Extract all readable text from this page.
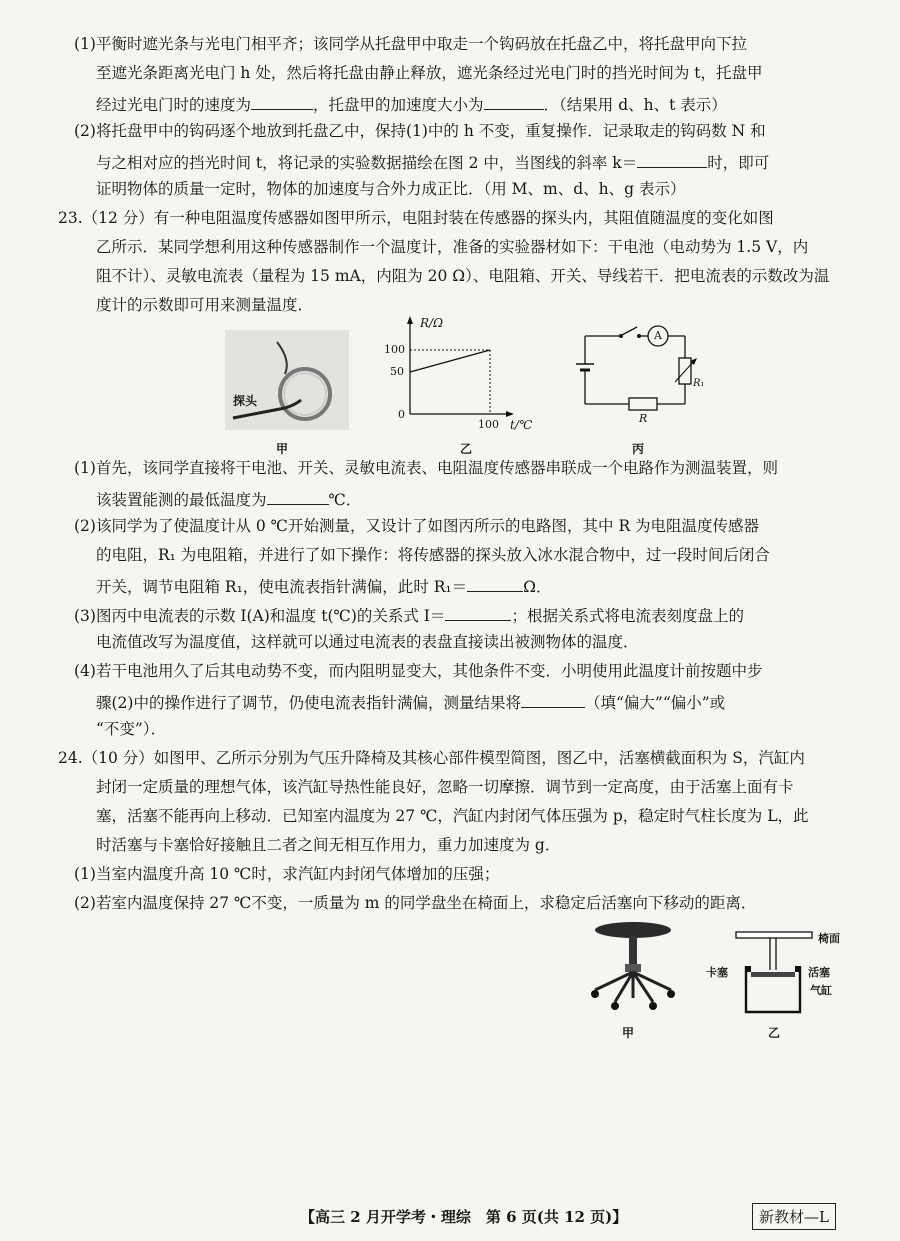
(1)平衡时遮光条与光电门相平齐；该同学从托盘甲中取走一个钩码放在托盘乙中，将托盘甲向下拉
至遮光条距离光电门 h 处，然后将托盘由静止释放，遮光条经过光电门时的挡光时间为 t，托盘甲
经过光电门时的速度为	，托盘甲的加速度大小为	．（结果用 d、h、t 表示）
(2)将托盘甲中的钩码逐个地放到托盘乙中，保持(1)中的 h 不变，重复操作．记录取走的钩码数 N 和
与之相对应的挡光时间 t，将记录的实验数据描绘在图 2 中，当图线的斜率 k＝	时，即可
证明物体的质量一定时，物体的加速度与合外力成正比．（用 M、m、d、h、g 表示）
23.（12 分）有一种电阻温度传感器如图甲所示，电阻封装在传感器的探头内，其阻值随温度的变化如图
乙所示．某同学想利用这种传感器制作一个温度计，准备的实验器材如下：干电池（电动势为 1.5 V，内
阻不计）、灵敏电流表（量程为 15 mA，内阻为 20 Ω）、电阻箱、开关、导线若干．把电流表的示数改为温
度计的示数即可用来测量温度．
探头
甲
R/Ω
100
50
0
100 t/℃
乙
A
R₁
R
丙
(1)首先，该同学直接将干电池、开关、灵敏电流表、电阻温度传感器串联成一个电路作为测温装置，则
该装置能测的最低温度为	℃．
(2)该同学为了使温度计从 0 ℃开始测量，又设计了如图丙所示的电路图，其中 R 为电阻温度传感器
的电阻，R₁ 为电阻箱，并进行了如下操作：将传感器的探头放入冰水混合物中，过一段时间后闭合
开关，调节电阻箱 R₁，使电流表指针满偏，此时 R₁＝	Ω．
(3)图丙中电流表的示数 I(A)和温度 t(℃)的关系式 I＝	；根据关系式将电流表刻度盘上的
电流值改写为温度值，这样就可以通过电流表的表盘直接读出被测物体的温度．
(4)若干电池用久了后其电动势不变，而内阻明显变大，其他条件不变．小明使用此温度计前按题中步
骤(2)中的操作进行了调节，仍使电流表指针满偏，测量结果将	（填“偏大”“偏小”或
“不变”）．
24.（10 分）如图甲、乙所示分别为气压升降椅及其核心部件模型简图，图乙中，活塞横截面积为 S，汽缸内
封闭一定质量的理想气体，该汽缸导热性能良好，忽略一切摩擦．调节到一定高度，由于活塞上面有卡
塞，活塞不能再向上移动．已知室内温度为 27 ℃，汽缸内封闭气体压强为 p，稳定时气柱长度为 L，此
时活塞与卡塞恰好接触且二者之间无相互作用力，重力加速度为 g．
(1)当室内温度升高 10 ℃时，求汽缸内封闭气体增加的压强；
(2)若室内温度保持 27 ℃不变，一质量为 m 的同学盘坐在椅面上，求稳定后活塞向下移动的距离．
甲
椅面
卡塞	活塞
气缸
乙
【高三 2 月开学考・理综　第 6 页(共 12 页)】	新教材—L
